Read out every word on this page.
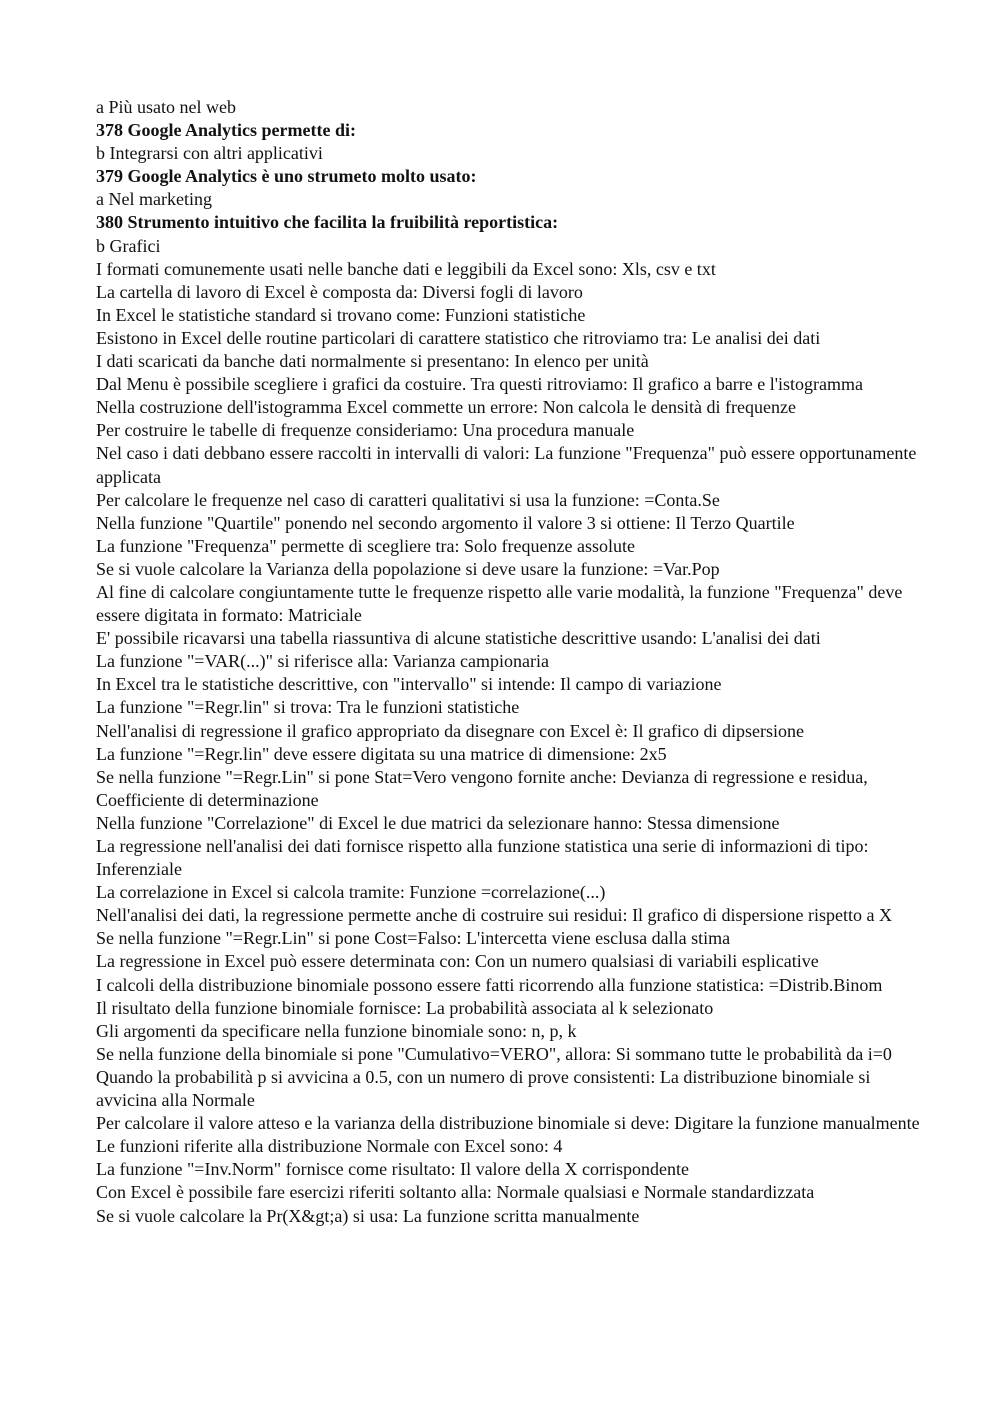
a Più usato nel web

378 Google Analytics permette di:

b Integrarsi con altri applicativi

379 Google Analytics è uno strumeto molto usato:

a Nel marketing

380 Strumento intuitivo che facilita la fruibilità reportistica:

b Grafici

I formati comunemente usati nelle banche dati e leggibili da Excel sono: Xls, csv e txt

La cartella di lavoro di Excel è composta da: Diversi fogli di lavoro

In Excel le statistiche standard si trovano come: Funzioni statistiche

Esistono in Excel delle routine particolari di carattere statistico che ritroviamo tra: Le analisi dei dati

I dati scaricati da banche dati normalmente si presentano: In elenco per unità

Dal Menu è possibile scegliere i grafici da costuire. Tra questi ritroviamo: Il grafico a barre e l'istogramma

Nella costruzione dell'istogramma Excel commette un errore: Non calcola le densità di frequenze

Per costruire le tabelle di frequenze consideriamo: Una procedura manuale

Nel caso i dati debbano essere raccolti in intervalli di valori: La funzione "Frequenza" può essere opportunamente applicata

Per calcolare le frequenze nel caso di caratteri qualitativi si usa la funzione: =Conta.Se

Nella funzione "Quartile" ponendo nel secondo argomento il valore 3 si ottiene: Il Terzo Quartile

La funzione "Frequenza" permette di scegliere tra: Solo frequenze assolute

Se si vuole calcolare la Varianza della popolazione si deve usare la funzione: =Var.Pop

Al fine di calcolare congiuntamente tutte le frequenze rispetto alle varie modalità, la funzione "Frequenza" deve essere digitata in formato: Matriciale

E' possibile ricavarsi una tabella riassuntiva di alcune statistiche descrittive usando: L'analisi dei dati

La funzione "=VAR(...)" si riferisce alla: Varianza campionaria

In Excel tra le statistiche descrittive, con "intervallo" si intende: Il campo di variazione

La funzione "=Regr.lin" si trova: Tra le funzioni statistiche

Nell'analisi di regressione il grafico appropriato da disegnare con Excel è: Il grafico di dipsersione

La funzione "=Regr.lin" deve essere digitata su una matrice di dimensione: 2x5

Se nella funzione "=Regr.Lin" si pone Stat=Vero vengono fornite anche: Devianza di regressione e residua, Coefficiente di determinazione

Nella funzione "Correlazione" di Excel le due matrici da selezionare hanno: Stessa dimensione

La regressione nell'analisi dei dati fornisce rispetto alla funzione statistica una serie di informazioni di tipo: Inferenziale

La correlazione in Excel si calcola tramite: Funzione =correlazione(...)

Nell'analisi dei dati, la regressione permette anche di costruire sui residui: Il grafico di dispersione rispetto a X

Se nella funzione "=Regr.Lin" si pone Cost=Falso: L'intercetta viene esclusa dalla stima

La regressione in Excel può essere determinata con: Con un numero qualsiasi di variabili esplicative

I calcoli della distribuzione binomiale possono essere fatti ricorrendo alla funzione statistica: =Distrib.Binom

Il risultato della funzione binomiale fornisce: La probabilità associata al k selezionato

Gli argomenti da specificare nella funzione binomiale sono: n, p, k

Se nella funzione della binomiale si pone "Cumulativo=VERO", allora: Si sommano tutte le probabilità da i=0

Quando la probabilità p si avvicina a 0.5, con un numero di prove consistenti: La distribuzione binomiale si avvicina alla Normale

Per calcolare il valore atteso e la varianza della distribuzione binomiale si deve: Digitare la funzione manualmente

Le funzioni riferite alla distribuzione Normale con Excel sono: 4

La funzione "=Inv.Norm" fornisce come risultato: Il valore della X corrispondente

Con Excel è possibile fare esercizi riferiti soltanto alla: Normale qualsiasi e Normale standardizzata

Se si vuole calcolare la Pr(X&gt;a) si usa: La funzione scritta manualmente
